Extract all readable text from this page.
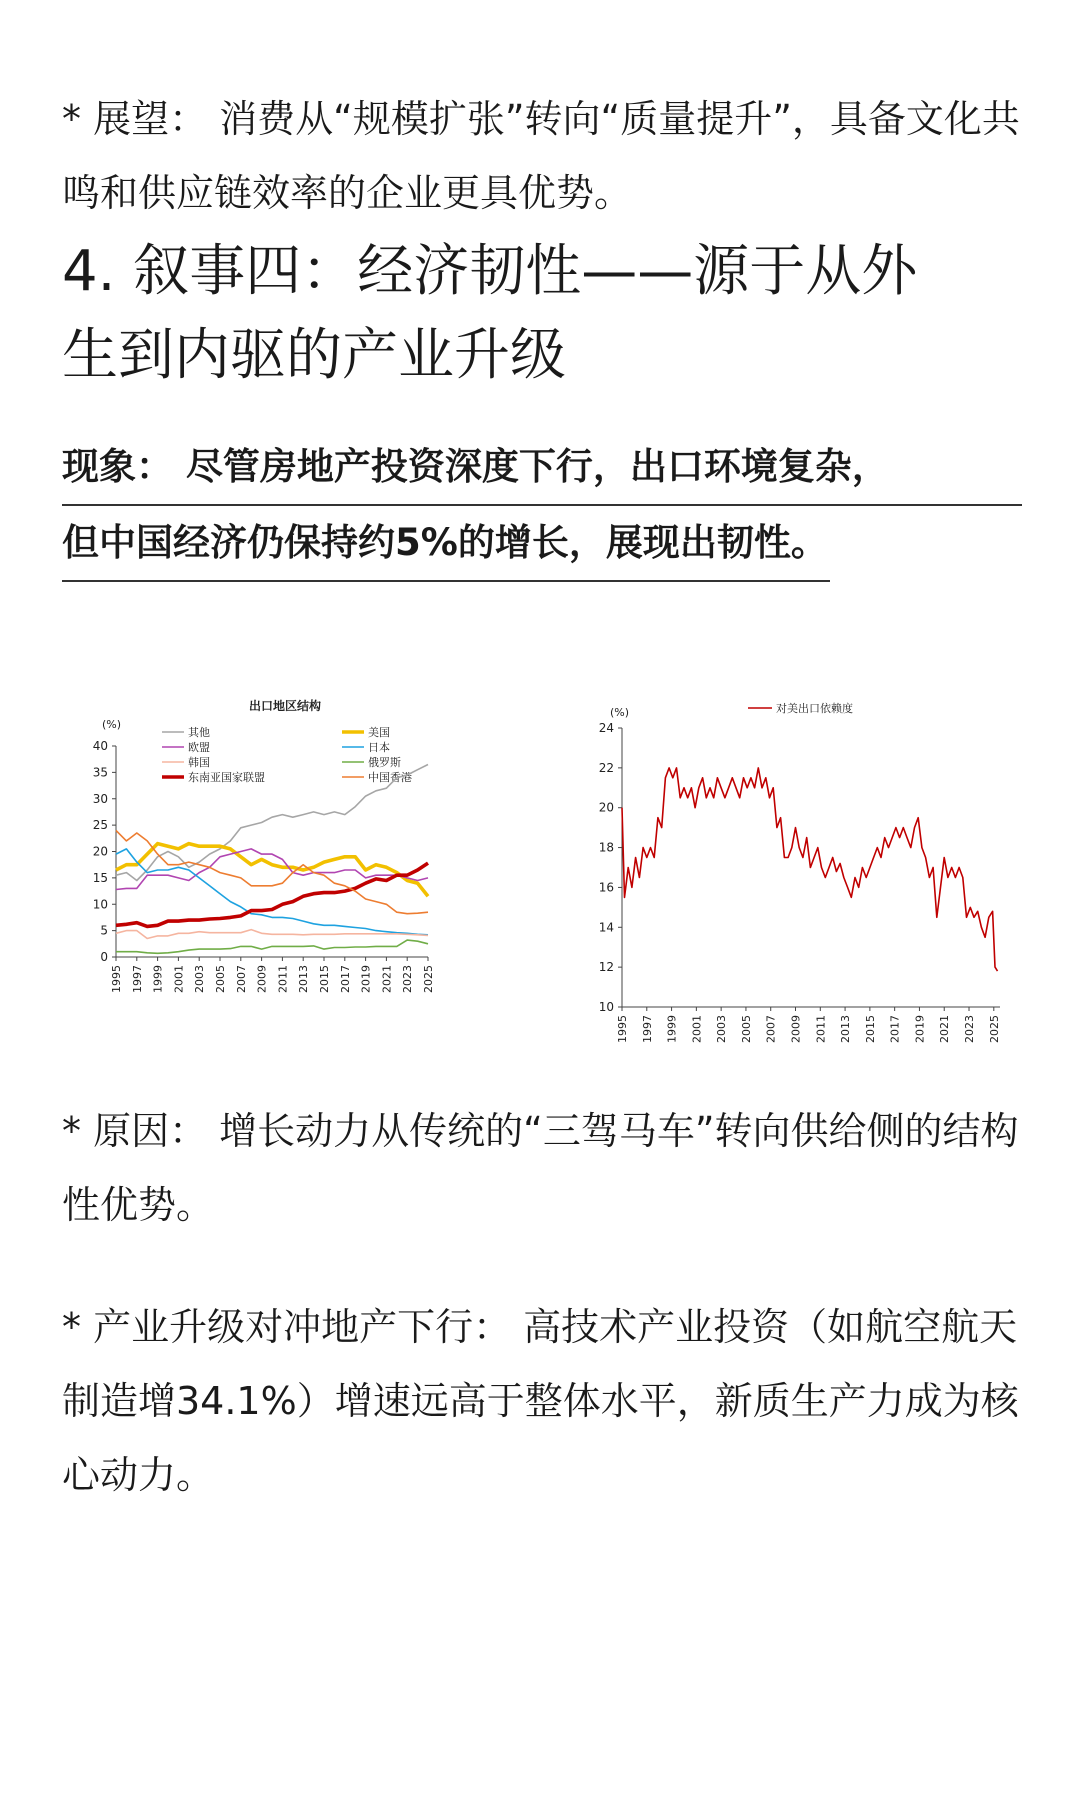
* 展望： 消费从“规模扩张”转向“质量提升”，具备文化共鸣和供应链效率的企业更具优势。

4. 叙事四：经济韧性——源于从外
生到内驱的产业升级
现象： 尽管房地产投资深度下行，出口环境复杂，
但中国经济仍保持约5%的增长，展现出韧性。
出口地区结构
(%)
其他	美国
欧盟	日本
韩国	俄罗斯
东南亚国家联盟	中国香港
0
5
10
15
20
25
30
35
40
1995 1997 1999 2001 2003 2005 2007 2009 2011 2013 2015 2017 2019 2021 2023 2025
(%)	对美出口依赖度
10
12
14
16
18
20
22
24
1995 1997 1999 2001 2003 2005 2007 2009 2011 2013 2015 2017 2019 2021 2023 2025

* 原因： 增长动力从传统的“三驾马车”转向供给侧的结构性优势。

* 产业升级对冲地产下行： 高技术产业投资（如航空航天制造增34.1%）增速远高于整体水平，新质生产力成为核心动力。
